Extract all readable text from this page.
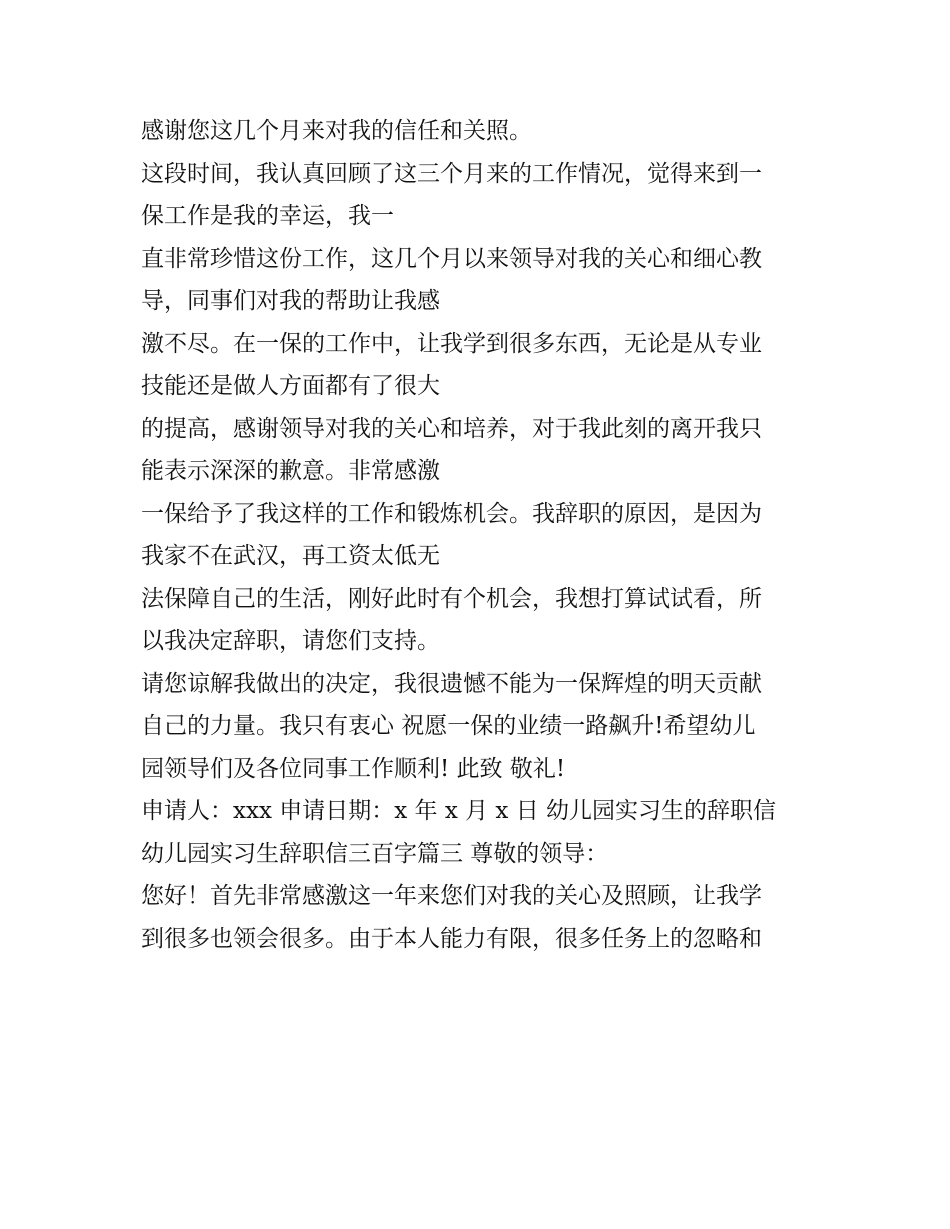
感谢您这几个月来对我的信任和关照。
这段时间，我认真回顾了这三个月来的工作情况，觉得来到一
保工作是我的幸运，我一
直非常珍惜这份工作，这几个月以来领导对我的关心和细心教
导，同事们对我的帮助让我感
激不尽。在一保的工作中，让我学到很多东西，无论是从专业
技能还是做人方面都有了很大
的提高，感谢领导对我的关心和培养，对于我此刻的离开我只
能表示深深的歉意。非常感激
一保给予了我这样的工作和锻炼机会。我辞职的原因，是因为
我家不在武汉，再工资太低无
法保障自己的生活，刚好此时有个机会，我想打算试试看，所
以我决定辞职，请您们支持。
请您谅解我做出的决定，我很遗憾不能为一保辉煌的明天贡献
自己的力量。我只有衷心 祝愿一保的业绩一路飙升!希望幼儿
园领导们及各位同事工作顺利! 此致 敬礼!
申请人：xxx 申请日期：x 年 x 月 x 日 幼儿园实习生的辞职信
幼儿园实习生辞职信三百字篇三 尊敬的领导：
您好！首先非常感激这一年来您们对我的关心及照顾，让我学
到很多也领会很多。由于本人能力有限，很多任务上的忽略和
